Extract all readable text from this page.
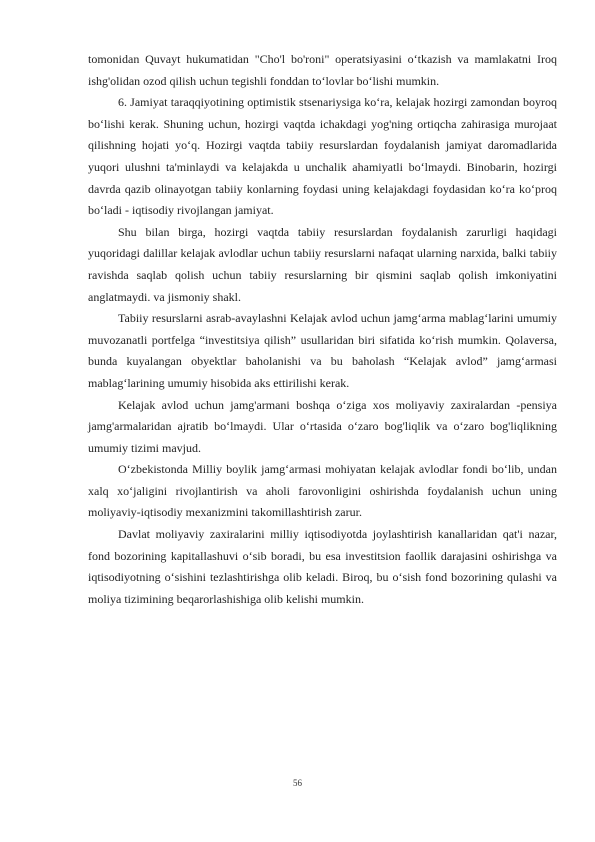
tomonidan Quvayt hukumatidan "Cho'l bo'roni" operatsiyasini o‘tkazish va mamlakatni Iroq ishg'olidan ozod qilish uchun tegishli fonddan to‘lovlar bo‘lishi mumkin.

6. Jamiyat taraqqiyotining optimistik stsenariysiga ko‘ra, kelajak hozirgi zamondan boyroq bo‘lishi kerak. Shuning uchun, hozirgi vaqtda ichakdagi yog'ning ortiqcha zahirasiga murojaat qilishning hojati yo‘q. Hozirgi vaqtda tabiiy resurslardan foydalanish jamiyat daromadlarida yuqori ulushni ta'minlaydi va kelajakda u unchalik ahamiyatli bo‘lmaydi. Binobarin, hozirgi davrda qazib olinayotgan tabiiy konlarning foydasi uning kelajakdagi foydasidan ko‘ra ko‘proq bo‘ladi - iqtisodiy rivojlangan jamiyat.

Shu bilan birga, hozirgi vaqtda tabiiy resurslardan foydalanish zarurligi haqidagi yuqoridagi dalillar kelajak avlodlar uchun tabiiy resurslarni nafaqat ularning narxida, balki tabiiy ravishda saqlab qolish uchun tabiiy resurslarning bir qismini saqlab qolish imkoniyatini anglatmaydi. va jismoniy shakl.

Tabiiy resurslarni asrab-avaylashni Kelajak avlod uchun jamg‘arma mablag‘larini umumiy muvozanatli portfelga “investitsiya qilish” usullaridan biri sifatida ko‘rish mumkin. Qolaversa, bunda kuyalangan obyektlar baholanishi va bu baholash “Kelajak avlod” jamg‘armasi mablag‘larining umumiy hisobida aks ettirilishi kerak.

Kelajak avlod uchun jamg'armani boshqa o‘ziga xos moliyaviy zaxiralardan -pensiya jamg'armalaridan ajratib bo‘lmaydi. Ular o‘rtasida o‘zaro bog'liqlik va o‘zaro bog'liqlikning umumiy tizimi mavjud.

O‘zbekistonda Milliy boylik jamg‘armasi mohiyatan kelajak avlodlar fondi bo‘lib, undan xalq xo‘jaligini rivojlantirish va aholi farovonligini oshirishda foydalanish uchun uning moliyaviy-iqtisodiy mexanizmini takomillashtirish zarur.

Davlat moliyaviy zaxiralarini milliy iqtisodiyotda joylashtirish kanallaridan qat'i nazar, fond bozorining kapitallashuvi o‘sib boradi, bu esa investitsion faollik darajasini oshirishga va iqtisodiyotning o‘sishini tezlashtirishga olib keladi. Biroq, bu o‘sish fond bozorining qulashi va moliya tizimining beqarorlashishiga olib kelishi mumkin.

56
